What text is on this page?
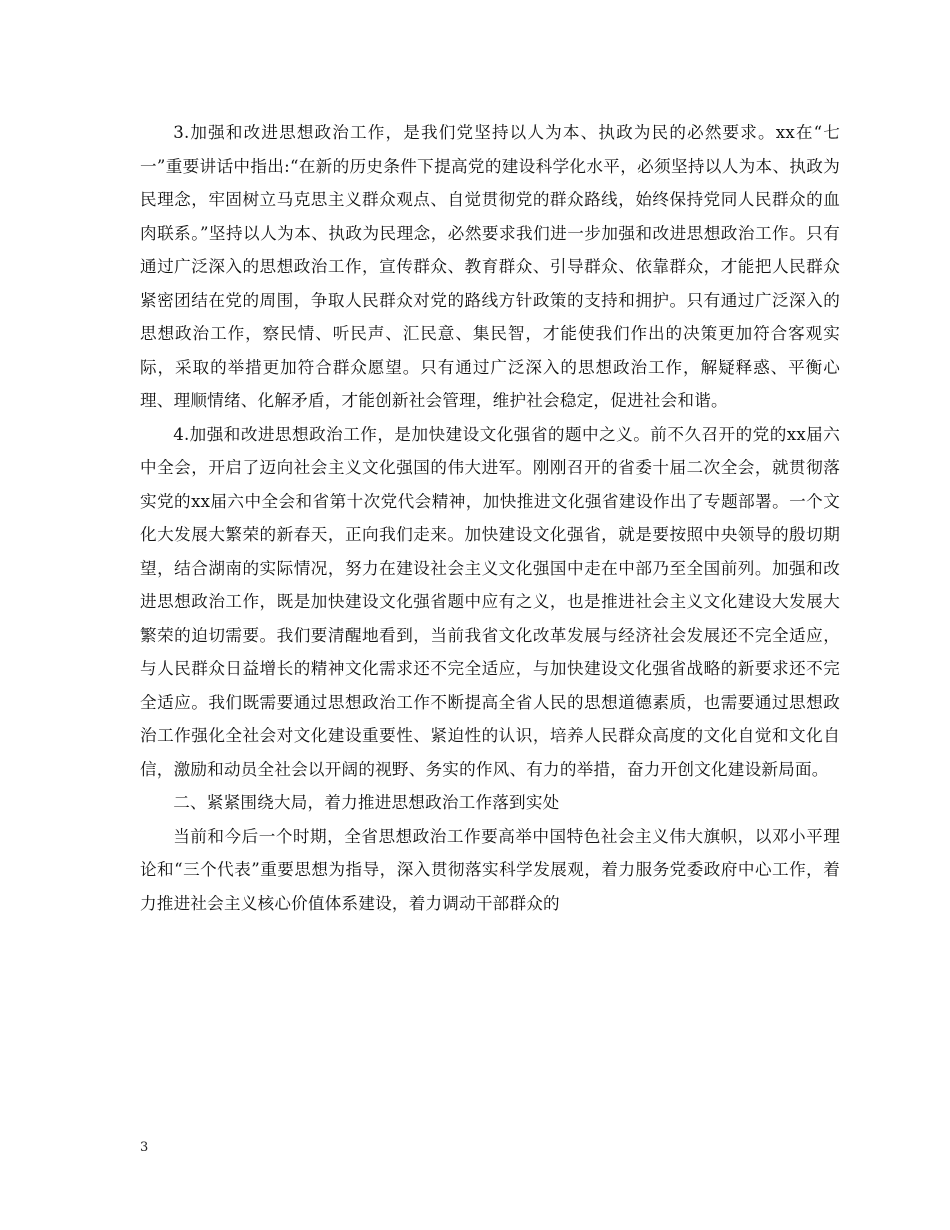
3.加强和改进思想政治工作，是我们党坚持以人为本、执政为民的必然要求。xx在“七一”重要讲话中指出:“在新的历史条件下提高党的建设科学化水平，必须坚持以人为本、执政为民理念，牢固树立马克思主义群众观点、自觉贯彻党的群众路线，始终保持党同人民群众的血肉联系。”坚持以人为本、执政为民理念，必然要求我们进一步加强和改进思想政治工作。只有通过广泛深入的思想政治工作，宣传群众、教育群众、引导群众、依靠群众，才能把人民群众紧密团结在党的周围，争取人民群众对党的路线方针政策的支持和拥护。只有通过广泛深入的思想政治工作，察民情、听民声、汇民意、集民智，才能使我们作出的决策更加符合客观实际，采取的举措更加符合群众愿望。只有通过广泛深入的思想政治工作，解疑释惑、平衡心理、理顺情绪、化解矛盾，才能创新社会管理，维护社会稳定，促进社会和谐。

4.加强和改进思想政治工作，是加快建设文化强省的题中之义。前不久召开的党的xx届六中全会，开启了迈向社会主义文化强国的伟大进军。刚刚召开的省委十届二次全会，就贯彻落实党的xx届六中全会和省第十次党代会精神，加快推进文化强省建设作出了专题部署。一个文化大发展大繁荣的新春天，正向我们走来。加快建设文化强省，就是要按照中央领导的殷切期望，结合湖南的实际情况，努力在建设社会主义文化强国中走在中部乃至全国前列。加强和改进思想政治工作，既是加快建设文化强省题中应有之义，也是推进社会主义文化建设大发展大繁荣的迫切需要。我们要清醒地看到，当前我省文化改革发展与经济社会发展还不完全适应，与人民群众日益增长的精神文化需求还不完全适应，与加快建设文化强省战略的新要求还不完全适应。我们既需要通过思想政治工作不断提高全省人民的思想道德素质，也需要通过思想政治工作强化全社会对文化建设重要性、紧迫性的认识，培养人民群众高度的文化自觉和文化自信，激励和动员全社会以开阔的视野、务实的作风、有力的举措，奋力开创文化建设新局面。

二、紧紧围绕大局，着力推进思想政治工作落到实处

当前和今后一个时期，全省思想政治工作要高举中国特色社会主义伟大旗帜，以邓小平理论和“三个代表”重要思想为指导，深入贯彻落实科学发展观，着力服务党委政府中心工作，着力推进社会主义核心价值体系建设，着力调动干部群众的

3
